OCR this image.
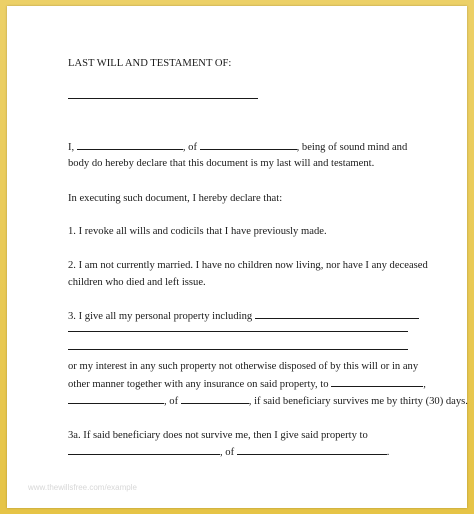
LAST WILL AND TESTAMENT OF:
I,	, of	, being of sound mind and
body do hereby declare that this document is my last will and testament.
In executing such document, I hereby declare that:
1. I revoke all wills and codicils that I have previously made.
2. I am not currently married. I have no children now living, nor have I any deceased
children who died and left issue.
3. I give all my personal property including
or my interest in any such property not otherwise disposed of by this will or in any
other manner together with any insurance on said property, to	,
, of	, if said beneficiary survives me by thirty (30) days.
3a. If said beneficiary does not survive me, then I give said property to
, of	.
www.thewillsfree.com/example
